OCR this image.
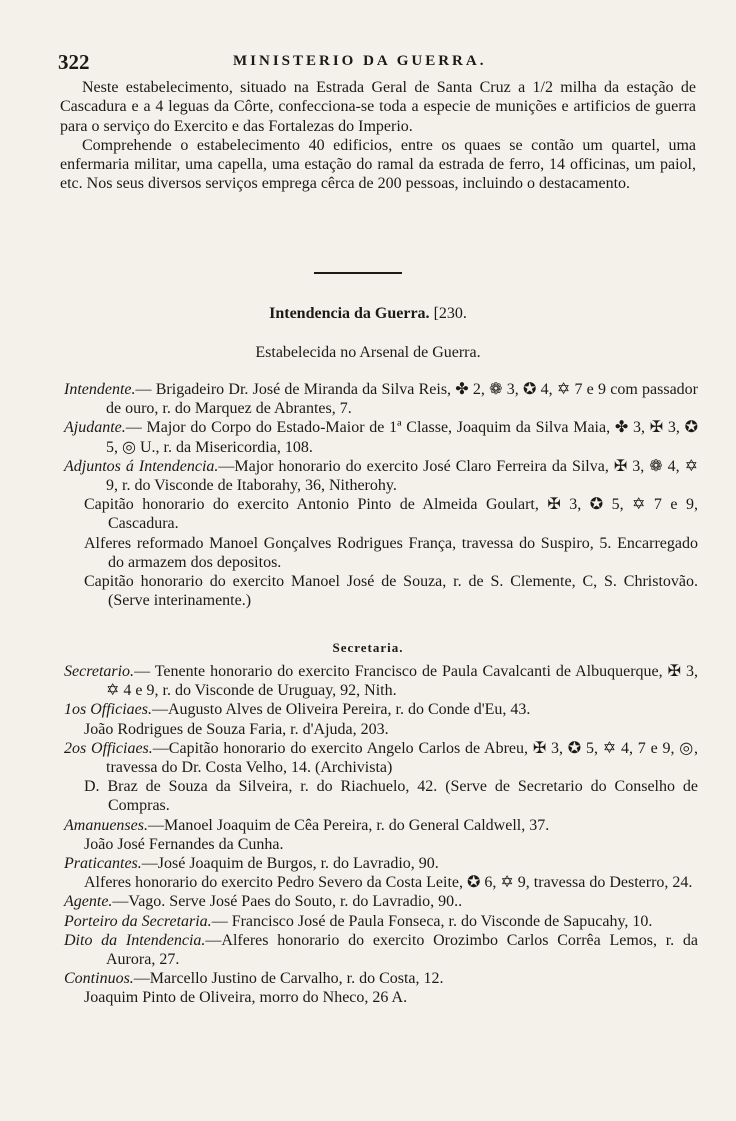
322	MINISTERIO DA GUERRA.

Neste estabelecimento, situado na Estrada Geral de Santa Cruz a 1/2 milha da estação de Cascadura e a 4 leguas da Côrte, confecciona-se toda a especie de munições e artificios de guerra para o serviço do Exercito e das Fortalezas do Imperio.

Comprehende o estabelecimento 40 edificios, entre os quaes se contão um quartel, uma enfermaria militar, uma capella, uma estação do ramal da estrada de ferro, 14 officinas, um paiol, etc. Nos seus diversos serviços emprega cêrca de 200 pessoas, incluindo o destacamento.

Intendencia da Guerra. [230.
Estabelecida no Arsenal de Guerra.

Intendente.— Brigadeiro Dr. José de Miranda da Silva Reis, ✤ 2, ❁ 3, ✪ 4, ✡ 7 e 9 com passador de ouro, r. do Marquez de Abrantes, 7.

Ajudante.— Major do Corpo do Estado-Maior de 1ª Classe, Joaquim da Silva Maia, ✤ 3, ✠ 3, ✪ 5, ◎ U., r. da Misericordia, 108.

Adjuntos á Intendencia.—Major honorario do exercito José Claro Ferreira da Silva, ✠ 3, ❁ 4, ✡ 9, r. do Visconde de Itaborahy, 36, Nitherohy.

Capitão honorario do exercito Antonio Pinto de Almeida Goulart, ✠ 3, ✪ 5, ✡ 7 e 9, Cascadura.

Alferes reformado Manoel Gonçalves Rodrigues França, travessa do Suspiro, 5. Encarregado do armazem dos depositos.

Capitão honorario do exercito Manoel José de Souza, r. de S. Clemente, C, S. Christovão. (Serve interinamente.)

Secretaria.

Secretario.— Tenente honorario do exercito Francisco de Paula Cavalcanti de Albuquerque, ✠ 3, ✡ 4 e 9, r. do Visconde de Uruguay, 92, Nith.

1os Officiaes.—Augusto Alves de Oliveira Pereira, r. do Conde d'Eu, 43.

João Rodrigues de Souza Faria, r. d'Ajuda, 203.

2os Officiaes.—Capitão honorario do exercito Angelo Carlos de Abreu, ✠ 3, ✪ 5, ✡ 4, 7 e 9, ◎, travessa do Dr. Costa Velho, 14. (Archivista)

D. Braz de Souza da Silveira, r. do Riachuelo, 42. (Serve de Secretario do Conselho de Compras.

Amanuenses.—Manoel Joaquim de Cêa Pereira, r. do General Caldwell, 37.

João José Fernandes da Cunha.

Praticantes.—José Joaquim de Burgos, r. do Lavradio, 90.

Alferes honorario do exercito Pedro Severo da Costa Leite, ✪ 6, ✡ 9, travessa do Desterro, 24.

Agente.—Vago. Serve José Paes do Souto, r. do Lavradio, 90..

Porteiro da Secretaria.— Francisco José de Paula Fonseca, r. do Visconde de Sapucahy, 10.

Dito da Intendencia.—Alferes honorario do exercito Orozimbo Carlos Corrêa Lemos, r. da Aurora, 27.

Continuos.—Marcello Justino de Carvalho, r. do Costa, 12.

Joaquim Pinto de Oliveira, morro do Nheco, 26 A.
